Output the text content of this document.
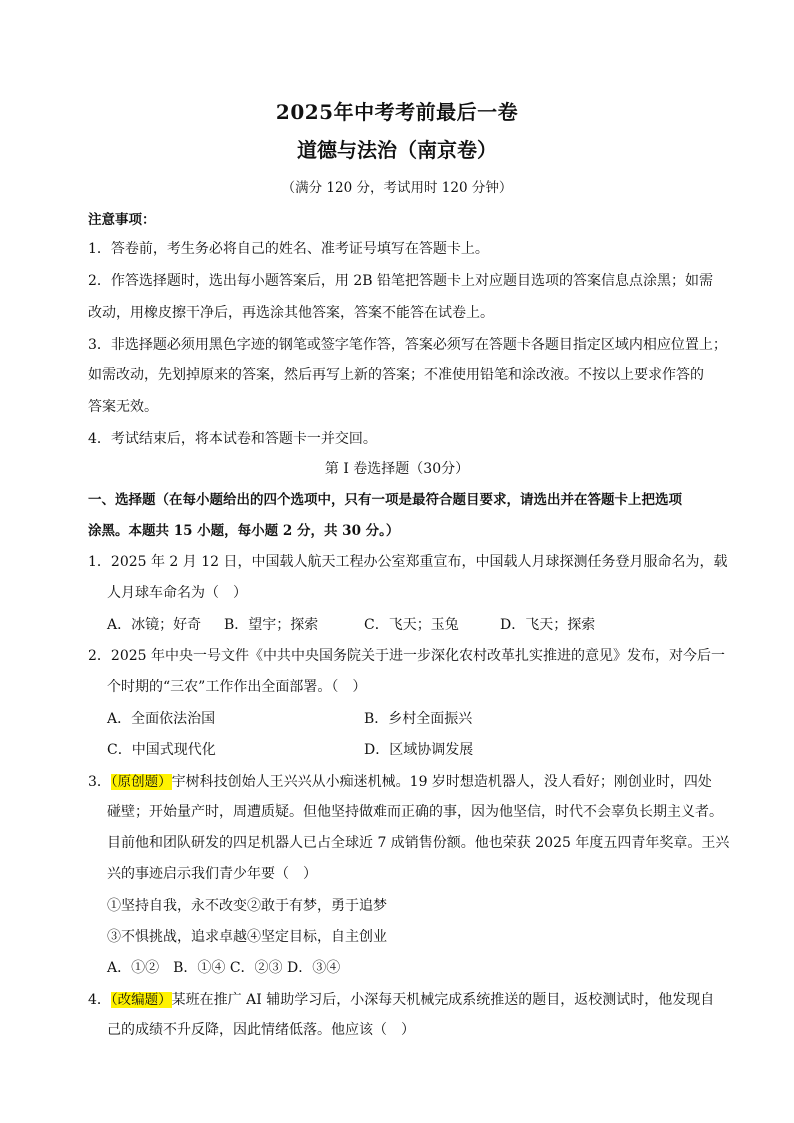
2025年中考考前最后一卷
道德与法治（南京卷）
（满分 120 分，考试用时 120 分钟）
注意事项：
1．答卷前，考生务必将自己的姓名、准考证号填写在答题卡上。
2．作答选择题时，选出每小题答案后，用 2B 铅笔把答题卡上对应题目选项的答案信息点涂黑；如需
改动，用橡皮擦干净后，再选涂其他答案，答案不能答在试卷上。
3．非选择题必须用黑色字迹的钢笔或签字笔作答，答案必须写在答题卡各题目指定区域内相应位置上；
如需改动，先划掉原来的答案，然后再写上新的答案；不准使用铅笔和涂改液。不按以上要求作答的
答案无效。
4．考试结束后，将本试卷和答题卡一并交回。
第 I 卷选择题（30分）
一、选择题（在每小题给出的四个选项中，只有一项是最符合题目要求，请选出并在答题卡上把选项
涂黑。本题共 15 小题，每小题 2 分，共 30 分。）
1．2025 年 2 月 12 日，中国载人航天工程办公室郑重宣布，中国载人月球探测任务登月服命名为，载
人月球车命名为（　）
A．冰镜；好奇 B．望宇；探索	C．飞天；玉兔	D．飞天；探索
2．2025 年中央一号文件《中共中央国务院关于进一步深化农村改革扎实推进的意见》发布，对今后一
个时期的“三农”工作作出全面部署。（　）
A．全面依法治国	B．乡村全面振兴
C．中国式现代化	D．区域协调发展
3．（原创题）宇树科技创始人王兴兴从小痴迷机械。19 岁时想造机器人，没人看好；刚创业时，四处
碰壁；开始量产时，周遭质疑。但他坚持做难而正确的事，因为他坚信，时代不会辜负长期主义者。
目前他和团队研发的四足机器人已占全球近 7 成销售份额。他也荣获 2025 年度五四青年奖章。王兴
兴的事迹启示我们青少年要（　）
①坚持自我，永不改变②敢于有梦，勇于追梦
③不惧挑战，追求卓越④坚定目标，自主创业
A．①②　B．①④ C．②③ D．③④
4．（改编题）某班在推广 AI 辅助学习后，小深每天机械完成系统推送的题目，返校测试时，他发现自
己的成绩不升反降，因此情绪低落。他应该（　）
